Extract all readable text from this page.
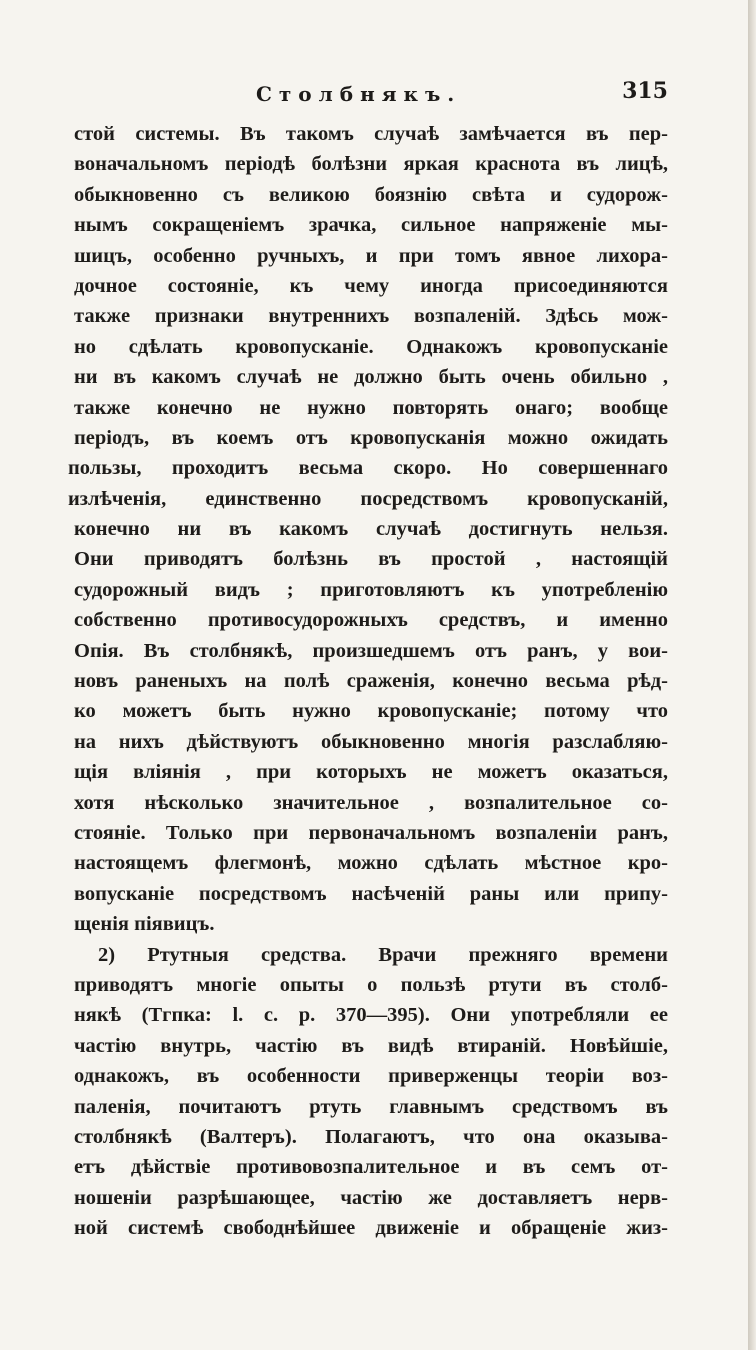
Столбнякъ.	315
стой системы. Въ такомъ случаѣ замѣчается въ пер-
воначальномъ періодѣ болѣзни яркая краснота въ лицѣ,
обыкновенно съ великою боязнію свѣта и судорож-
нымъ сокращеніемъ зрачка, сильное напряженіе мы-
шицъ, особенно ручныхъ, и при томъ явное лихора-
дочное состояніе, къ чему иногда присоединяются
также признаки внутреннихъ возпаленій. Здѣсь мож-
но сдѣлать кровопусканіе. Однакожъ кровопусканіе
ни въ какомъ случаѣ не должно быть очень обильно ,
также конечно не нужно повторять онаго; вообще
періодъ, въ коемъ отъ кровопусканія можно ожидать
пользы, проходитъ весьма скоро. Но совершеннаго
излѣченія, единственно посредствомъ кровопусканій,
конечно ни въ какомъ случаѣ достигнуть нельзя.
Они приводятъ болѣзнь въ простой , настоящій
судорожный видъ ; приготовляютъ къ употребленію
собственно противосудорожныхъ средствъ, и именно
Опія. Въ столбнякѣ, произшедшемъ отъ ранъ, у вои-
новъ раненыхъ на полѣ сраженія, конечно весьма рѣд-
ко можетъ быть нужно кровопусканіе; потому что
на нихъ дѣйствуютъ обыкновенно многія разслабляю-
щія вліянія , при которыхъ не можетъ оказаться,
хотя нѣсколько значительное , возпалительное со-
стояніе. Только при первоначальномъ возпаленіи ранъ,
настоящемъ флегмонѣ, можно сдѣлать мѣстное кро-
вопусканіе посредствомъ насѣченій раны или припу-
щенія піявицъ.
2) Ртутныя средства. Врачи прежняго времени
приводятъ многіе опыты о пользѣ ртути въ столб-
някѣ (Тгпка: l. c. p. 370—395). Они употребляли ее
частію внутрь, частію въ видѣ втираній. Новѣйшіе,
однакожъ, въ особенности приверженцы теоріи воз-
паленія, почитаютъ ртуть главнымъ средствомъ въ
столбнякѣ (Валтеръ). Полагаютъ, что она оказыва-
етъ дѣйствіе противовозпалительное и въ семъ от-
ношеніи разрѣшающее, частію же доставляетъ нерв-
ной системѣ свободнѣйшее движеніе и обращеніе жиз-
